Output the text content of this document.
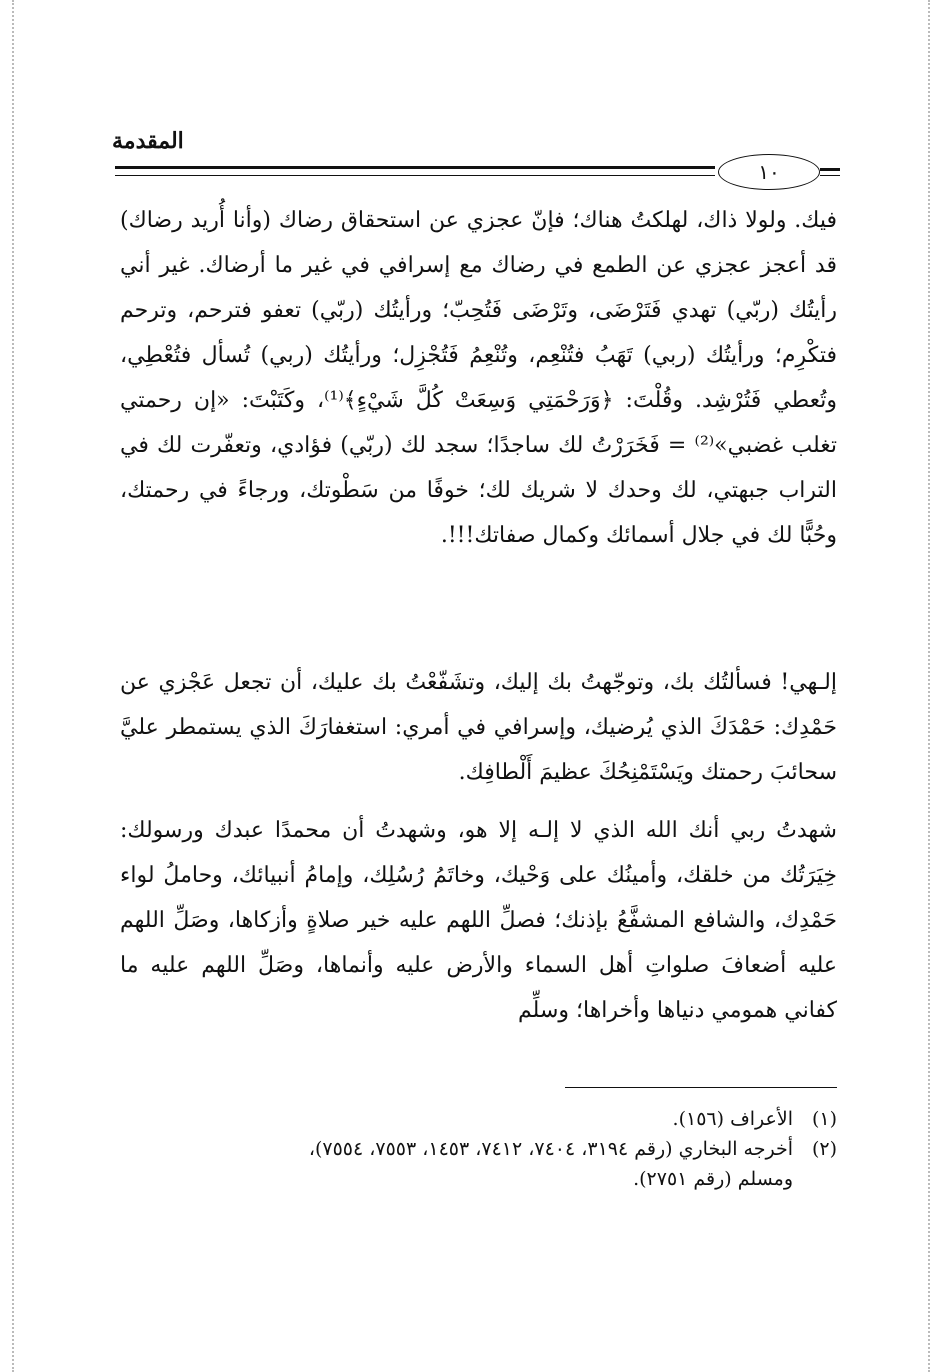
المقدمة
١٠

فيك. ولولا ذاك، لهلكتُ هناك؛ فإنّ عجزي عن استحقاق رضاك (وأنا أُريد رضاك) قد أعجز عجزي عن الطمع في رضاك مع إسرافي في غير ما أرضاك. غير أني رأيتُك (ربّي) تهدي فَتَرْضَى، وتَرْضَى فَتُحِبّ؛ ورأيتُك (ربّي) تعفو فترحم، وترحم فتكْرِم؛ ورأيتُك (ربي) تَهَبُ فتُنْعِم، وتُنْعِمُ فَتُجْزِل؛ ورأيتُك (ربي) تُسأل فتُعْطِي، وتُعطي فَتُرْشِد. وقُلْتَ: ﴿وَرَحْمَتِي وَسِعَتْ كُلَّ شَيْءٍ﴾⁽¹⁾، وكَتَبْتَ: «إن رحمتي تغلب غضبي»⁽²⁾ = فَخَرَرْتُ لك ساجدًا؛ سجد لك (ربّي) فؤادي، وتعفّرت لك في التراب جبهتي، لك وحدك لا شريك لك؛ خوفًا من سَطْوتك، ورجاءً في رحمتك، وحُبًّا لك في جلال أسمائك وكمال صفاتك!!!.

إلـهي! فسألتُك بك، وتوجّهتُ بك إليك، وتشَفّعْتُ بك عليك، أن تجعل عَجْزي عن حَمْدِك: حَمْدَكَ الذي يُرضيك، وإسرافي في أمري: استغفارَكَ الذي يستمطر عليَّ سحائبَ رحمتك ويَسْتَمْنِحُكَ عظيمَ أَلْطافِك.

شهدتُ ربي أنك الله الذي لا إلـه إلا هو، وشهدتُ أن محمدًا عبدك ورسولك: خِيَرَتُك من خلقك، وأمينُك على وَحْيك، وخاتَمُ رُسُلِك، وإمامُ أنبيائك، وحاملُ لواء حَمْدِك، والشافع المشفَّعُ بإذنك؛ فصلِّ اللهم عليه خير صلاةٍ وأزكاها، وصَلِّ اللهم عليه أضعافَ صلواتِ أهل السماء والأرض عليه وأنماها، وصَلِّ اللهم عليه ما كفاني همومي دنياها وأخراها؛ وسلِّم

(١)الأعراف (١٥٦).

(٢)أخرجه البخاري (رقم ٣١٩٤، ٧٤٠٤، ٧٤١٢، ١٤٥٣، ٧٥٥٣، ٧٥٥٤)،

ومسلم (رقم ٢٧٥١).
